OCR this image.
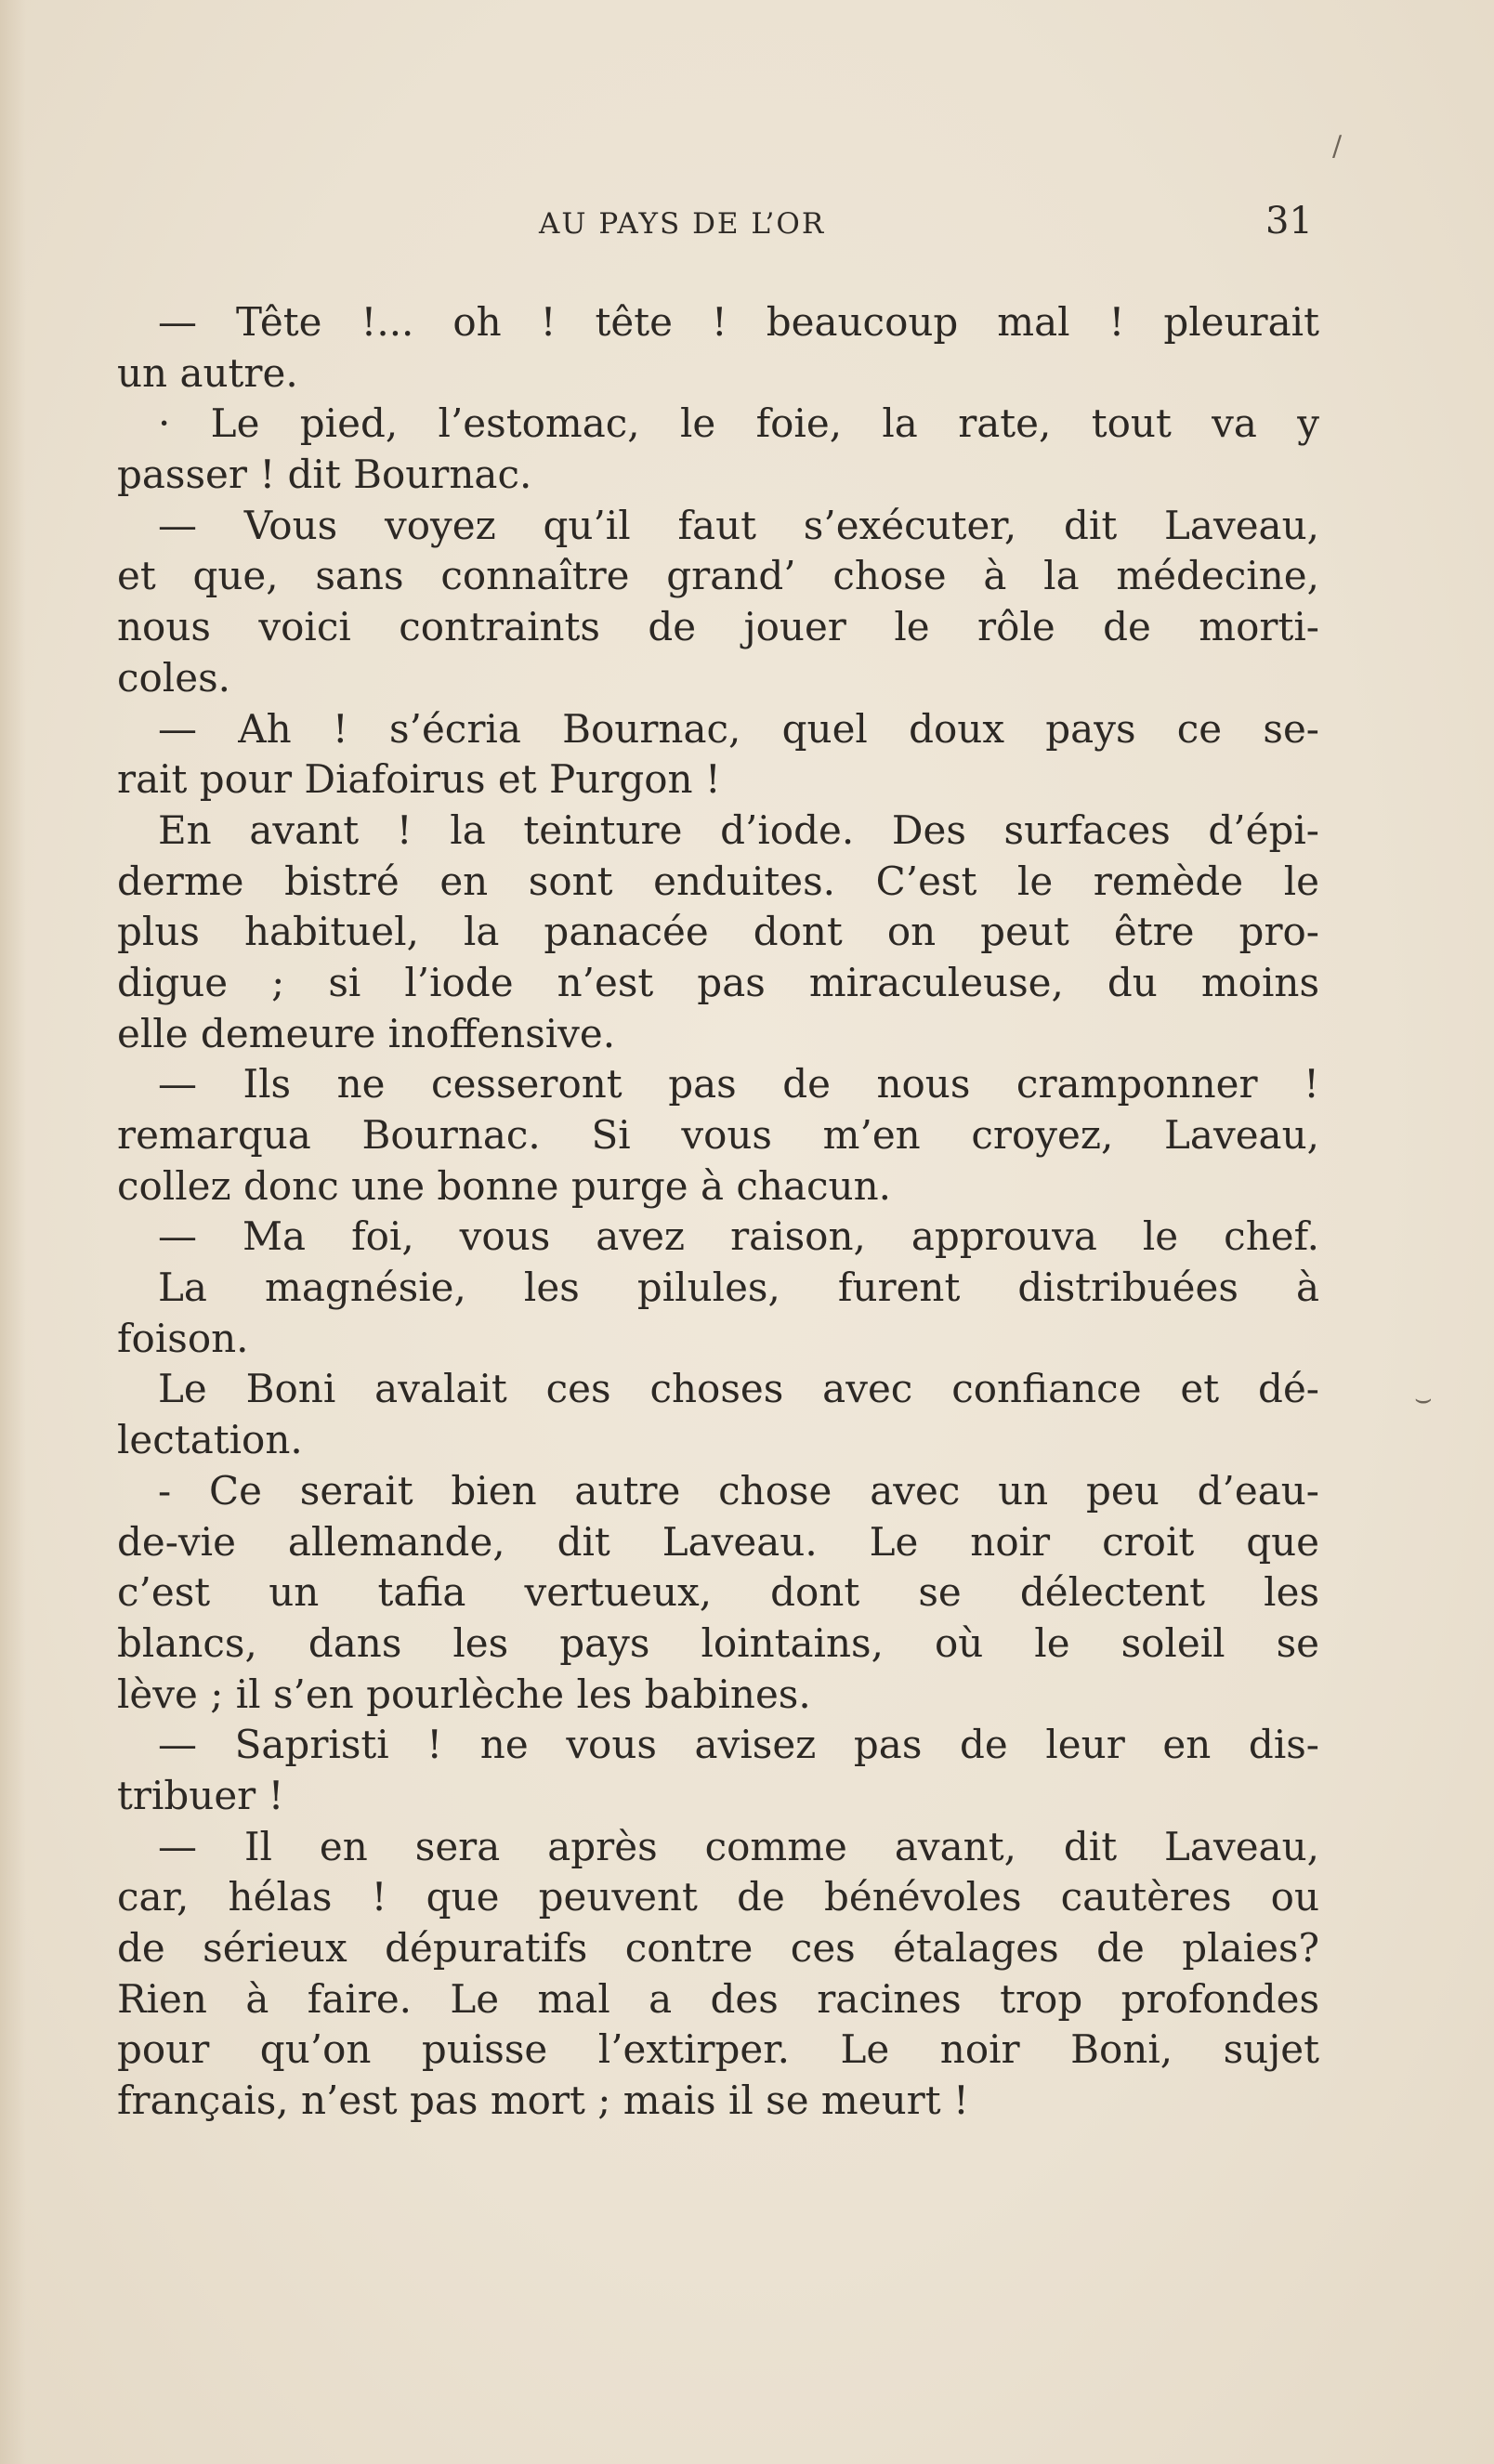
AU PAYS DE L’OR	31
— Tête !... oh ! tête ! beaucoup mal ! pleurait
un autre.
· Le pied, l’estomac, le foie, la rate, tout va y
passer ! dit Bournac.
— Vous voyez qu’il faut s’exécuter, dit Laveau,
et que, sans connaître grand’ chose à la médecine,
nous voici contraints de jouer le rôle de morti-
coles.
— Ah ! s’écria Bournac, quel doux pays ce se-
rait pour Diafoirus et Purgon !
En avant ! la teinture d’iode. Des surfaces d’épi-
derme bistré en sont enduites. C’est le remède le
plus habituel, la panacée dont on peut être pro-
digue ; si l’iode n’est pas miraculeuse, du moins
elle demeure inoffensive.
— Ils ne cesseront pas de nous cramponner !
remarqua Bournac. Si vous m’en croyez, Laveau,
collez donc une bonne purge à chacun.
— Ma foi, vous avez raison, approuva le chef.
La magnésie, les pilules, furent distribuées à
foison.
Le Boni avalait ces choses avec confiance et dé-
lectation.
- Ce serait bien autre chose avec un peu d’eau-
de-vie allemande, dit Laveau. Le noir croit que
c’est un tafia vertueux, dont se délectent les
blancs, dans les pays lointains, où le soleil se
lève ; il s’en pourlèche les babines.
— Sapristi ! ne vous avisez pas de leur en dis-
tribuer !
— Il en sera après comme avant, dit Laveau,
car, hélas ! que peuvent de bénévoles cautères ou
de sérieux dépuratifs contre ces étalages de plaies?
Rien à faire. Le mal a des racines trop profondes
pour qu’on puisse l’extirper. Le noir Boni, sujet
français, n’est pas mort ; mais il se meurt !
/
⌣
